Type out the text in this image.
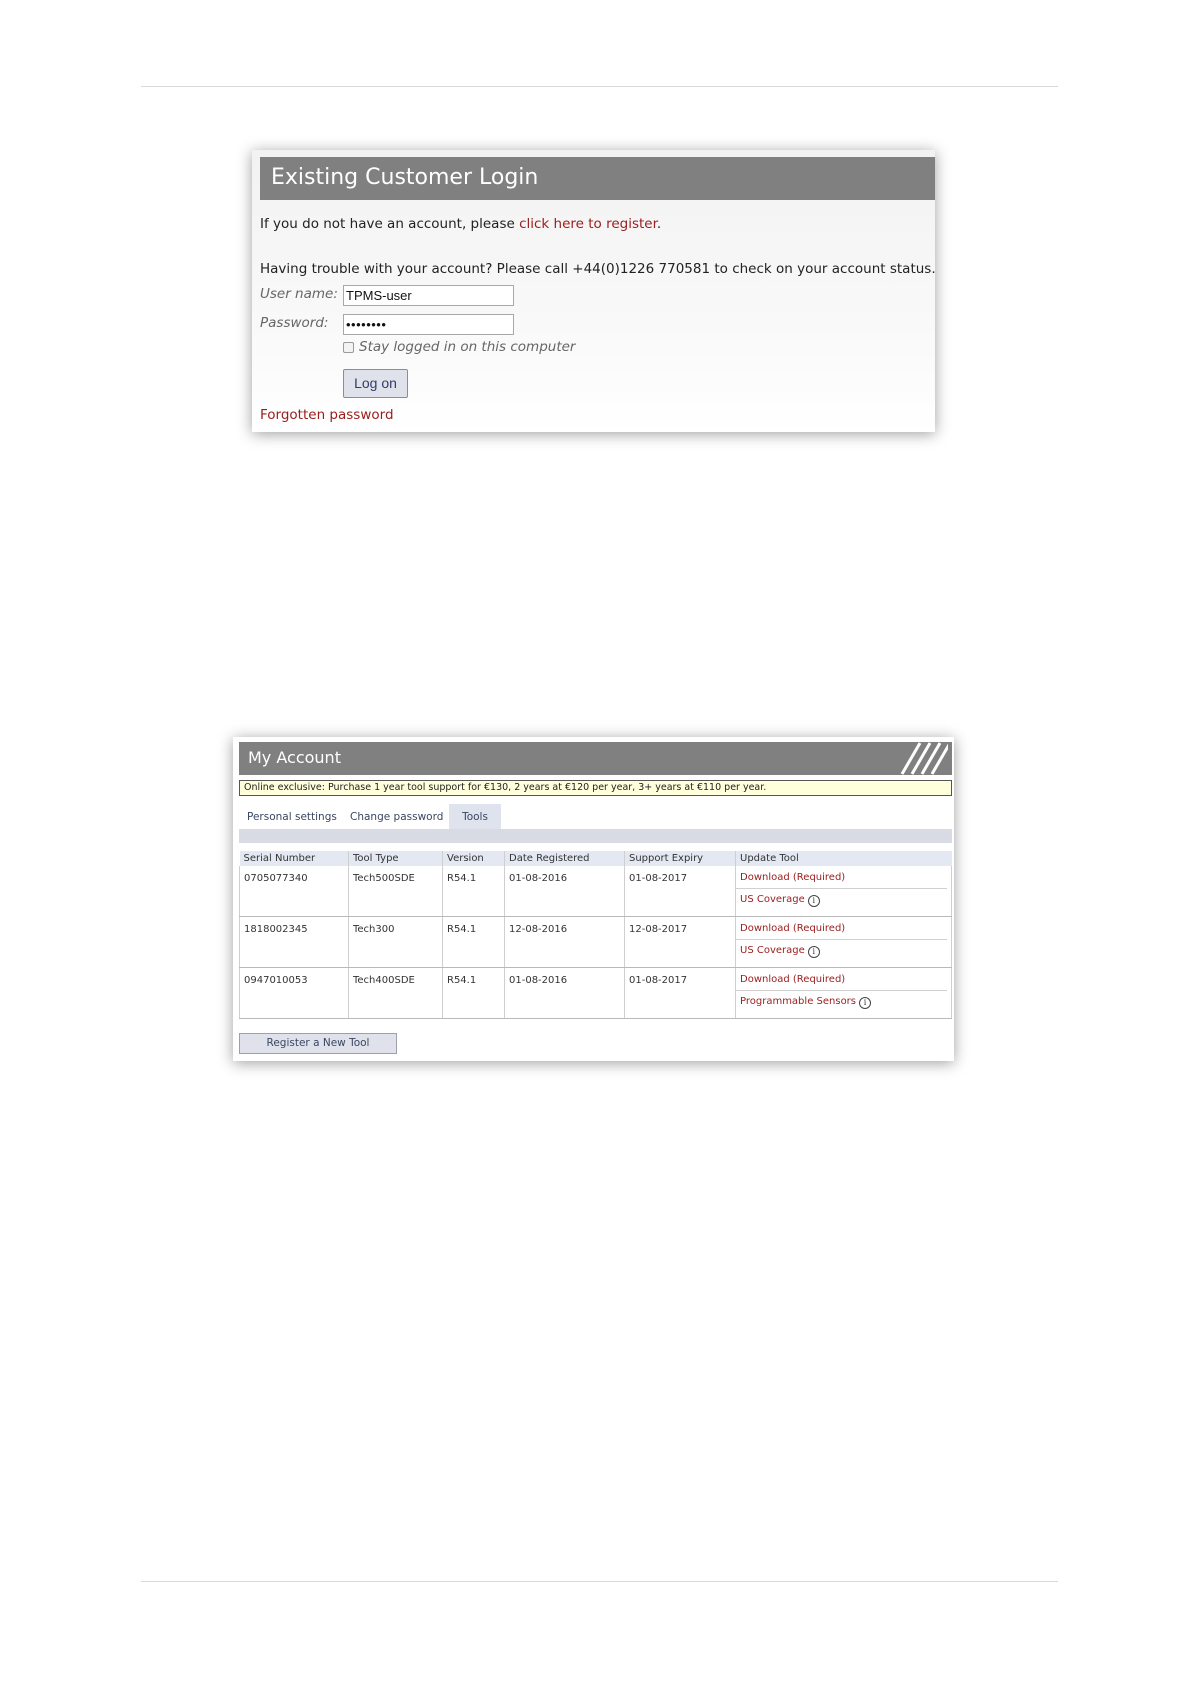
Existing Customer Login
If you do not have an account, please click here to register.
Having trouble with your account? Please call +44(0)1226 770581 to check on your account status.
User name: TPMS-user
Password: ••••••••
Stay logged in on this computer
Log on
Forgotten password
My Account
Online exclusive: Purchase 1 year tool support for €130, 2 years at €120 per year, 3+ years at €110 per year.
Personal settings Change password	Tools
Serial Number	Tool Type	Version	Date Registered	Support Expiry	Update Tool
0705077340	Tech500SDE	R54.1	01-08-2016	01-08-2017	Download (Required)
US Coverage i

1818002345	Tech300	R54.1	12-08-2016	12-08-2017	Download (Required)
US Coverage i

0947010053	Tech400SDE	R54.1	01-08-2016	01-08-2017	Download (Required)
Programmable Sensors i
Register a New Tool
